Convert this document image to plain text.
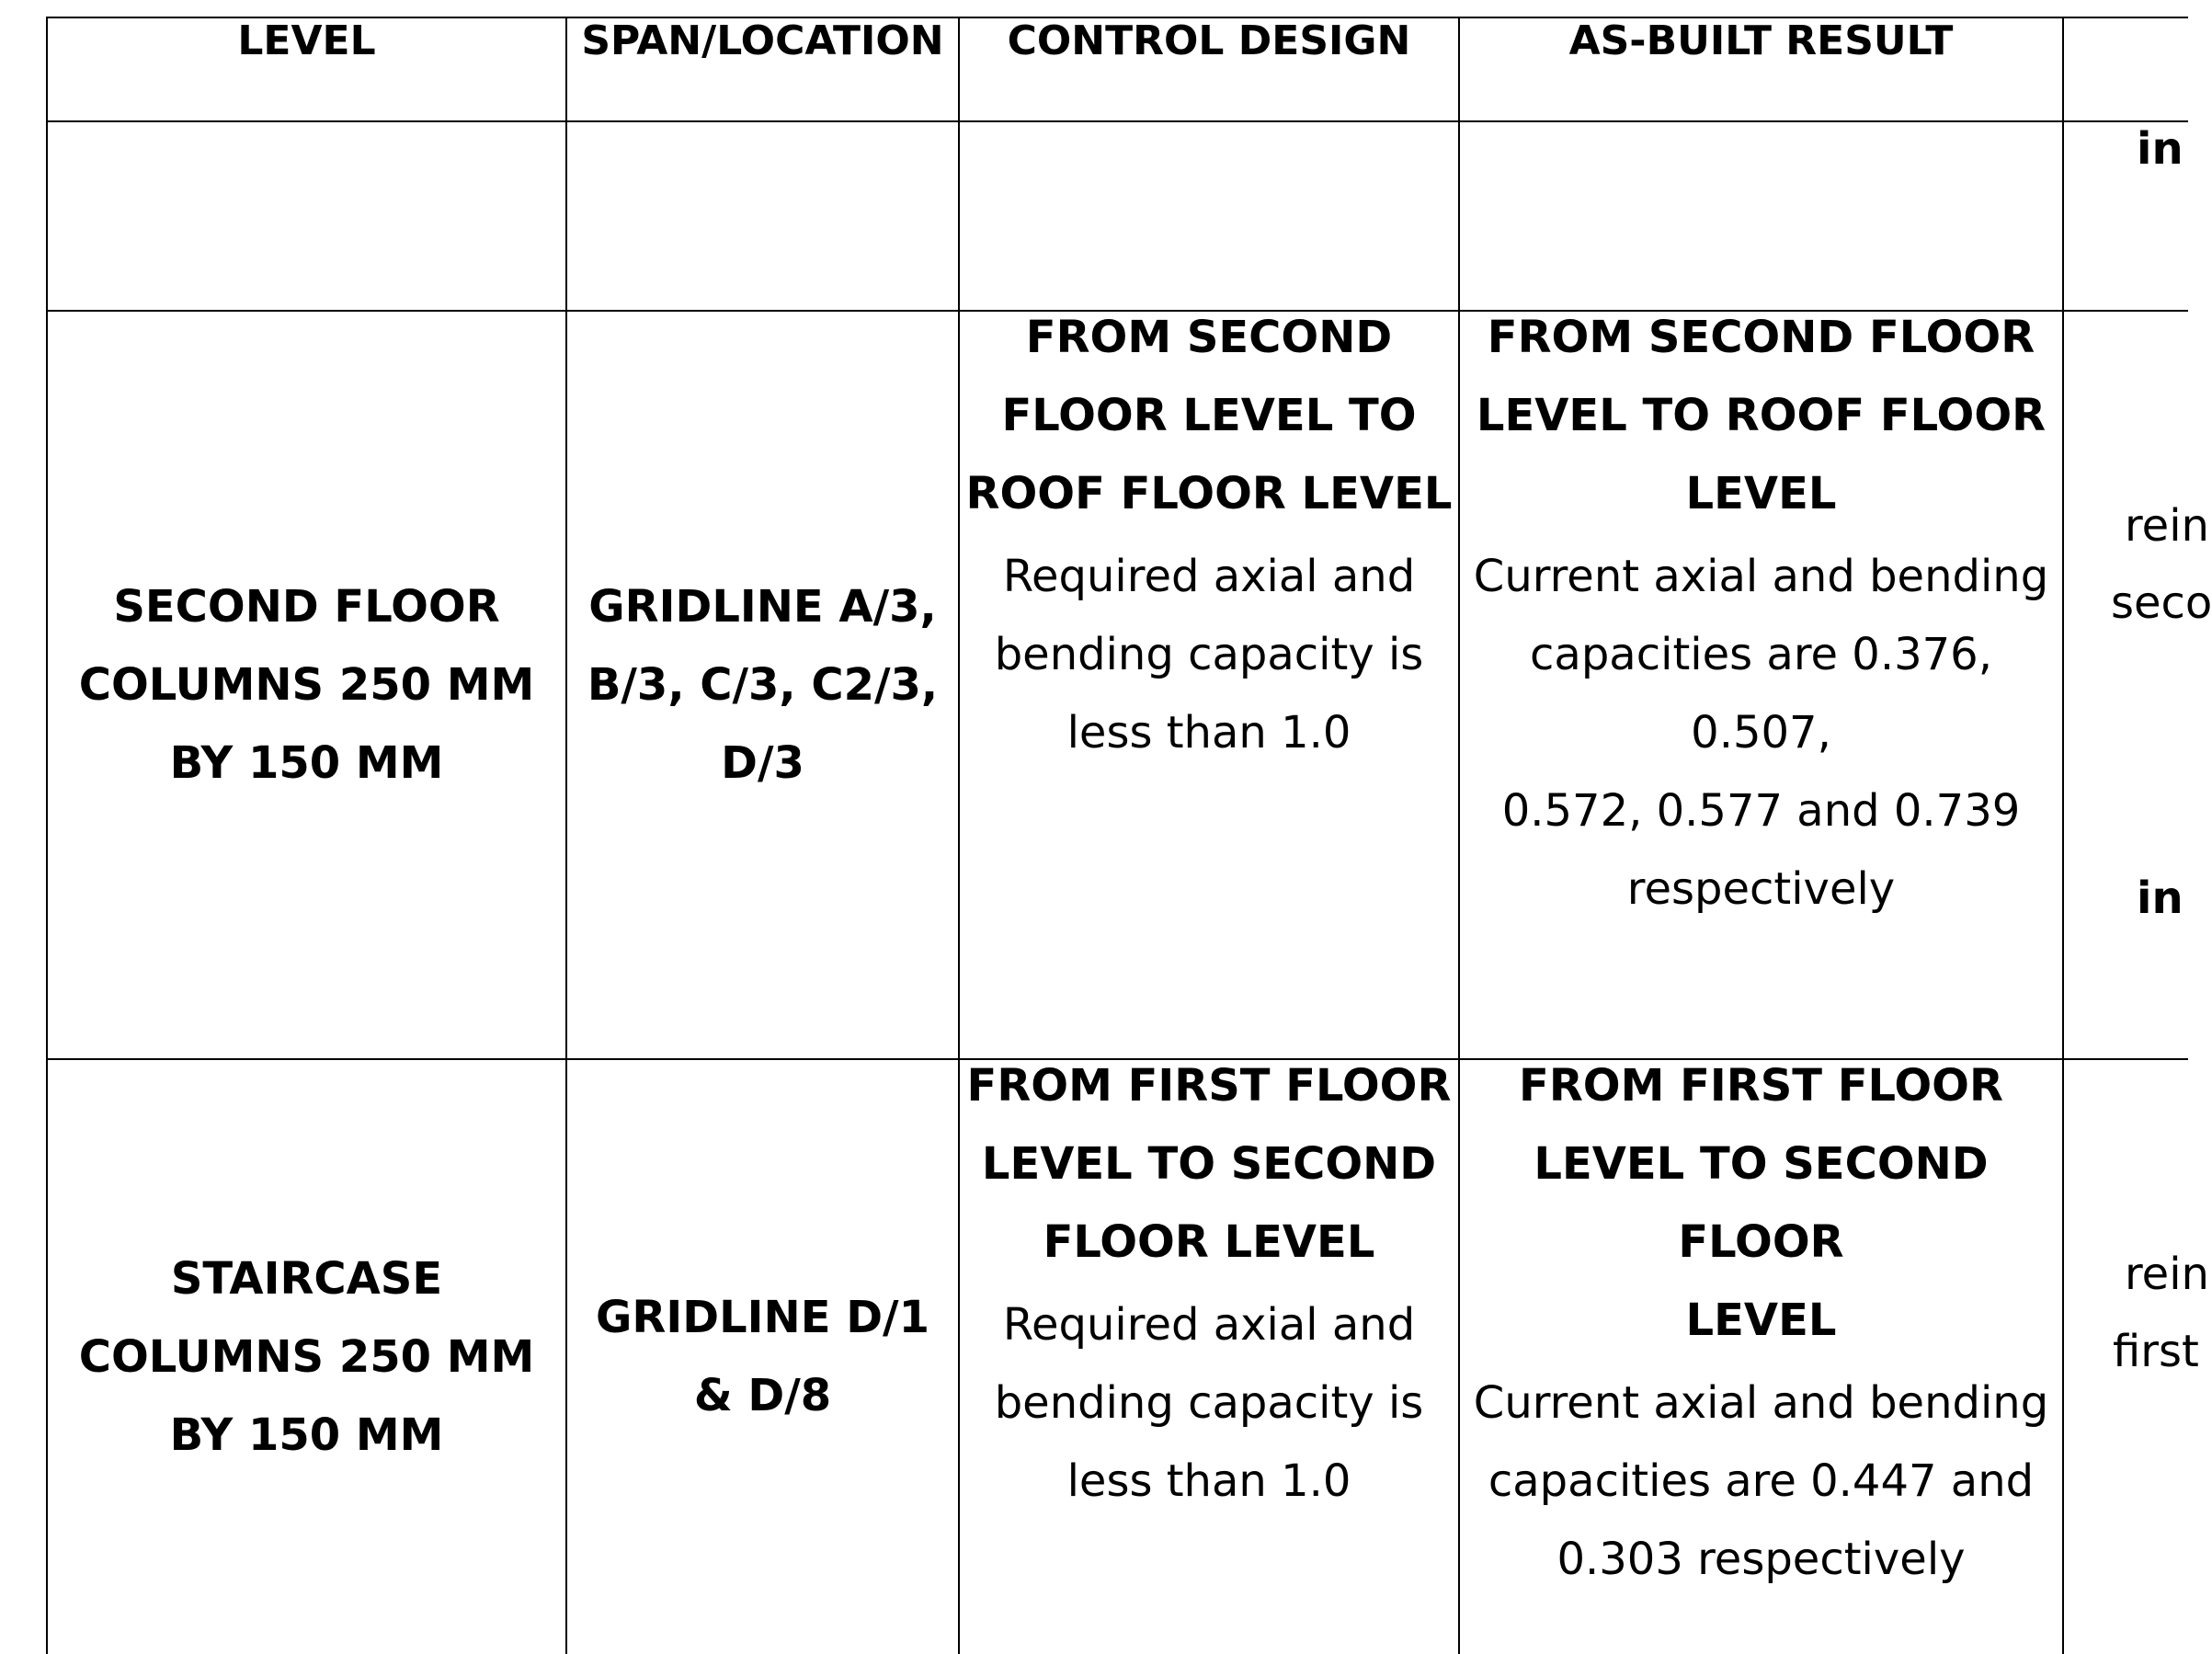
LEVEL	SPAN/LOCATION CONTROL DESIGN	AS-BUILT RESULT
in
rein
seco
in
rein
first
SECOND FLOOR
COLUMNS 250 MM
BY 150 MM
GRIDLINE A/3,
B/3, C/3, C2/3,
D/3
FROM SECOND
FLOOR LEVEL TO
ROOF FLOOR LEVEL
Required axial and
bending capacity is
less than 1.0
FROM SECOND FLOOR
LEVEL TO ROOF FLOOR
LEVEL
Current axial and bending
capacities are 0.376, 0.507,
0.572, 0.577 and 0.739
respectively
STAIRCASE
COLUMNS 250 MM
BY 150 MM
GRIDLINE D/1
& D/8
FROM FIRST FLOOR
LEVEL TO SECOND
FLOOR LEVEL
Required axial and
bending capacity is
less than 1.0
FROM FIRST FLOOR
LEVEL TO SECOND FLOOR
LEVEL
Current axial and bending
capacities are 0.447 and
0.303 respectively
